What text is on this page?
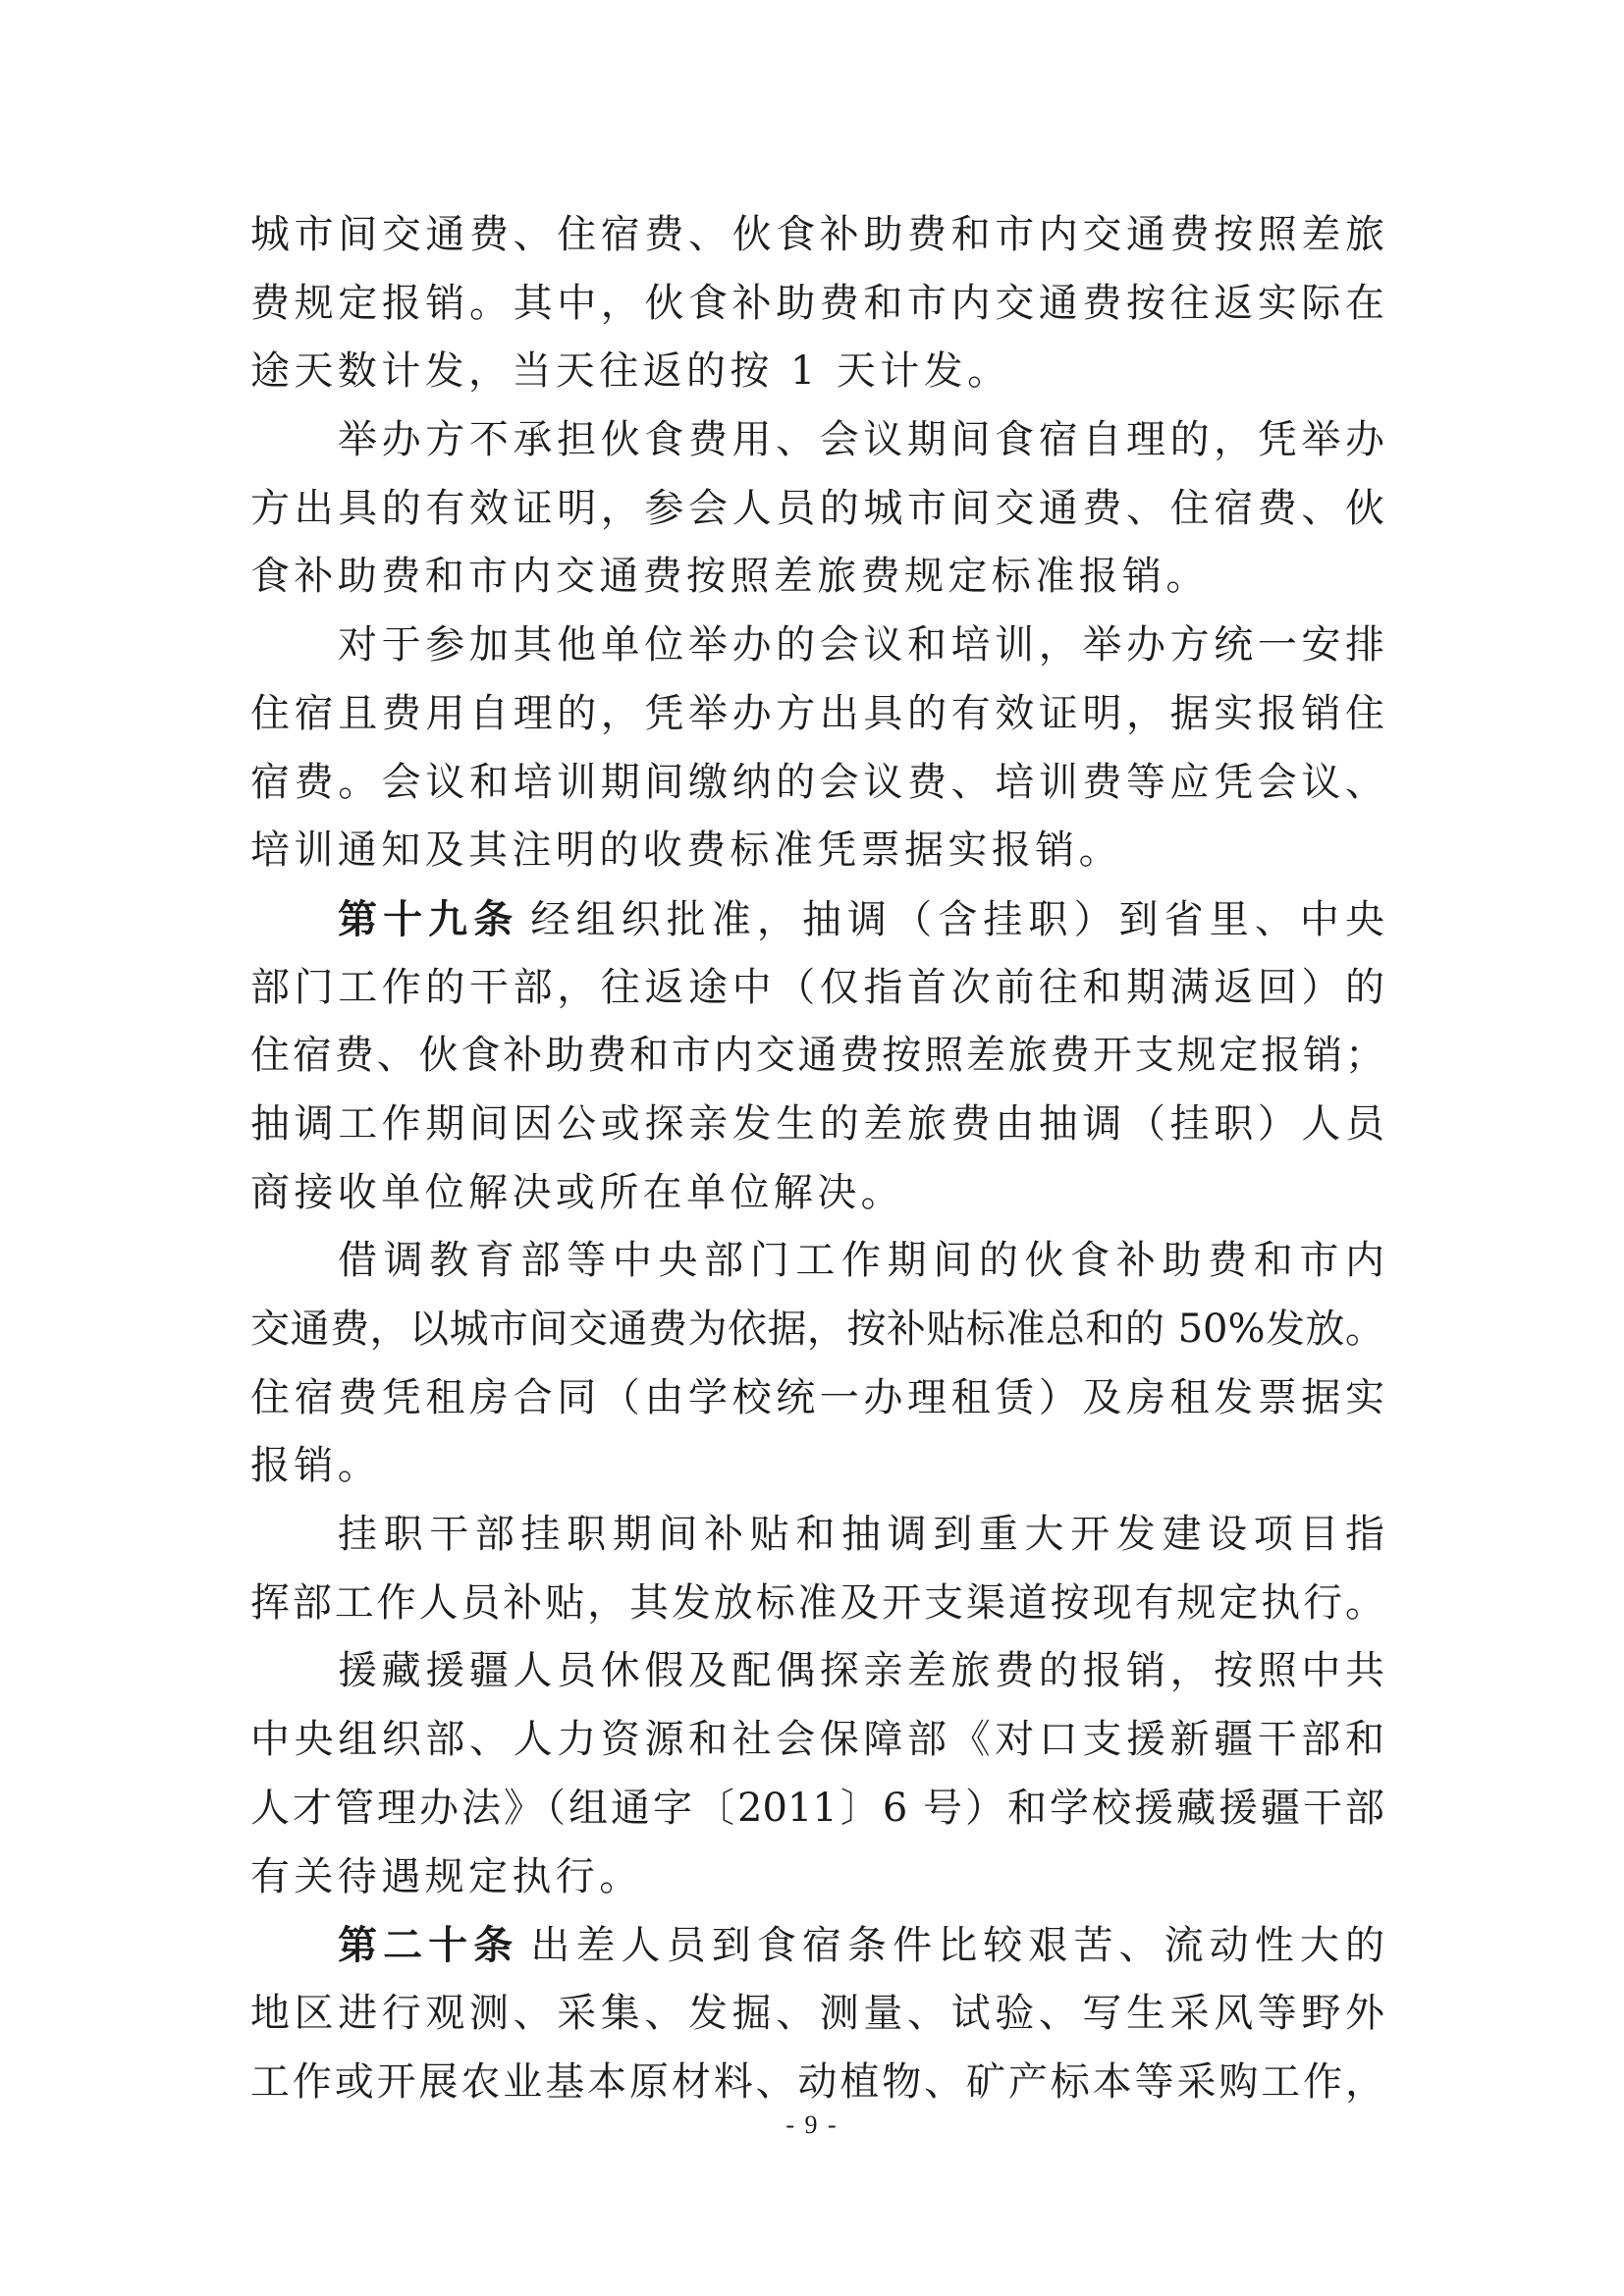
城市间交通费、住宿费、伙食补助费和市内交通费按照差旅
费规定报销。其中，伙食补助费和市内交通费按往返实际在
途天数计发，当天往返的按 1 天计发。
举办方不承担伙食费用、会议期间食宿自理的，凭举办
方出具的有效证明，参会人员的城市间交通费、住宿费、伙
食补助费和市内交通费按照差旅费规定标准报销。
对于参加其他单位举办的会议和培训，举办方统一安排
住宿且费用自理的，凭举办方出具的有效证明，据实报销住
宿费。会议和培训期间缴纳的会议费、培训费等应凭会议、
培训通知及其注明的收费标准凭票据实报销。
第十九条 经组织批准，抽调（含挂职）到省里、中央
部门工作的干部，往返途中（仅指首次前往和期满返回）的
住宿费、伙食补助费和市内交通费按照差旅费开支规定报销；
抽调工作期间因公或探亲发生的差旅费由抽调（挂职）人员
商接收单位解决或所在单位解决。
借调教育部等中央部门工作期间的伙食补助费和市内
交通费，以城市间交通费为依据，按补贴标准总和的 50%发放。
住宿费凭租房合同（由学校统一办理租赁）及房租发票据实
报销。
挂职干部挂职期间补贴和抽调到重大开发建设项目指
挥部工作人员补贴，其发放标准及开支渠道按现有规定执行。
援藏援疆人员休假及配偶探亲差旅费的报销，按照中共
中央组织部、人力资源和社会保障部《对口支援新疆干部和
人才管理办法》（组通字〔2011〕6 号）和学校援藏援疆干部
有关待遇规定执行。
第二十条 出差人员到食宿条件比较艰苦、流动性大的
地区进行观测、采集、发掘、测量、试验、写生采风等野外
工作或开展农业基本原材料、动植物、矿产标本等采购工作，
- 9 -
